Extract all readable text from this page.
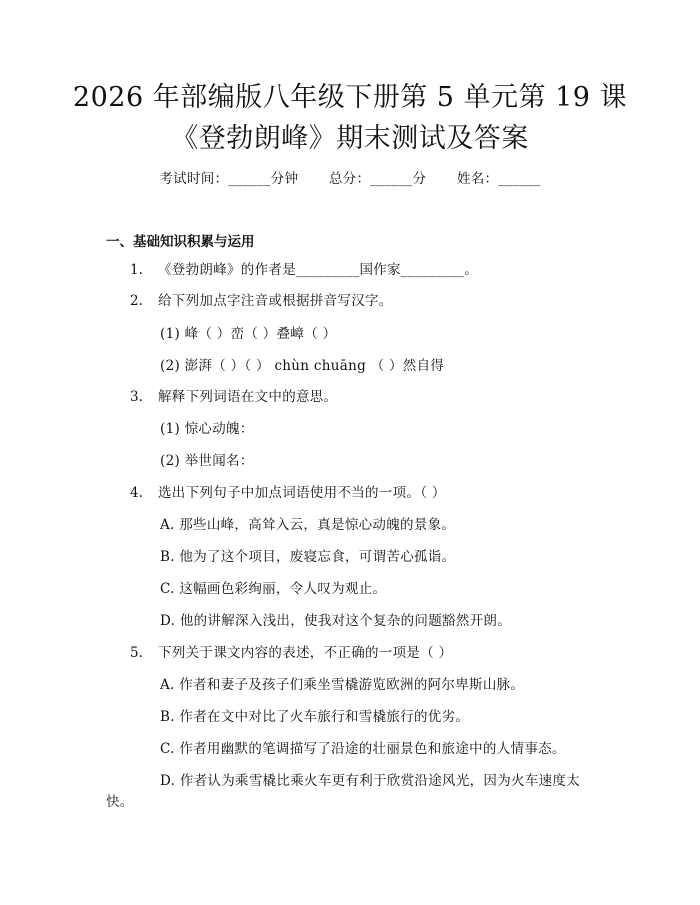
2026 年部编版八年级下册第 5 单元第 19 课
《登勃朗峰》期末测试及答案
考试时间：______分钟 总分：______分 姓名：______
一、基础知识积累与运用
1. 《登勃朗峰》的作者是_________国作家_________。
2. 给下列加点字注音或根据拼音写汉字。
(1) 峰（ ）峦（ ）叠嶂（ ）
(2) 澎湃（ ）（ ） chùn chuāng （ ）然自得
3. 解释下列词语在文中的意思。
(1) 惊心动魄：
(2) 举世闻名：
4. 选出下列句子中加点词语使用不当的一项。（ ）
A. 那些山峰，高耸入云，真是惊心动魄的景象。
B. 他为了这个项目，废寝忘食，可谓苦心孤诣。
C. 这幅画色彩绚丽，令人叹为观止。
D. 他的讲解深入浅出，使我对这个复杂的问题豁然开朗。
5. 下列关于课文内容的表述，不正确的一项是（ ）
A. 作者和妻子及孩子们乘坐雪橇游览欧洲的阿尔卑斯山脉。
B. 作者在文中对比了火车旅行和雪橇旅行的优劣。
C. 作者用幽默的笔调描写了沿途的壮丽景色和旅途中的人情事态。
D. 作者认为乘雪橇比乘火车更有利于欣赏沿途风光，因为火车速度太
快。
